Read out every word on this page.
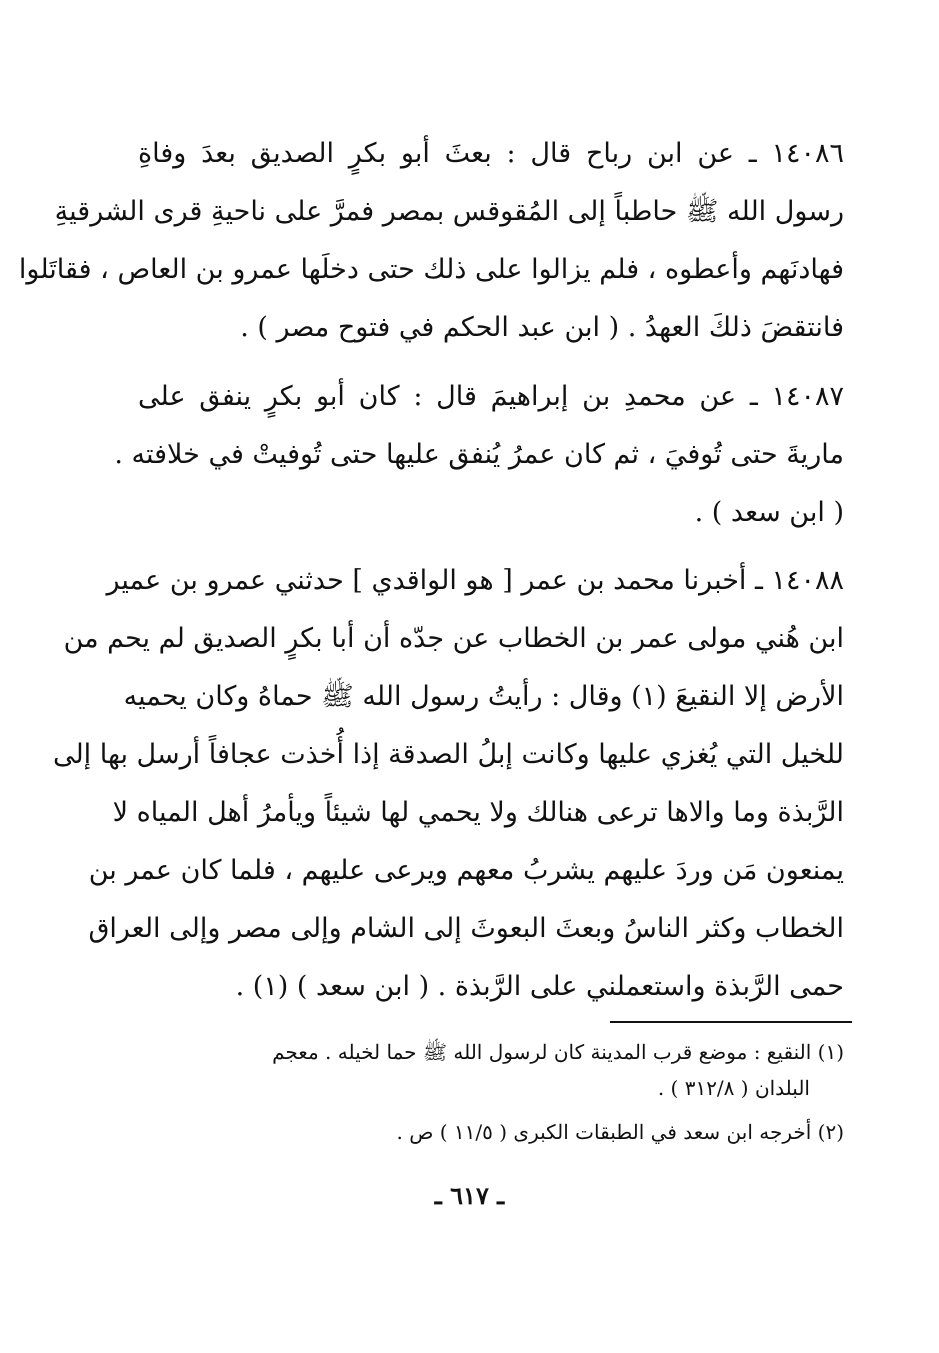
١٤٠٨٦ ـ عن ابن رباح قال : بعثَ أبو بكرٍ الصديق بعدَ وفاةِ
رسول الله ﷺ حاطباً إلى المُقوقس بمصر فمرَّ على ناحيةِ قرى الشرقيةِ
فهادنَهم وأعطوه ، فلم يزالوا على ذلك حتى دخلَها عمرو بن العاص ، فقاتَلوا
فانتقضَ ذلكَ العهدُ . ( ابن عبد الحكم في فتوح مصر ) .
١٤٠٨٧ ـ عن محمدِ بن إبراهيمَ قال : كان أبو بكرٍ ينفق على
ماريةَ حتى تُوفيَ ، ثم كان عمرُ يُنفق عليها حتى تُوفيتْ في خلافته .
( ابن سعد ) .
١٤٠٨٨ ـ أخبرنا محمد بن عمر [ هو الواقدي ] حدثني عمرو بن عمير
ابن هُني مولى عمر بن الخطاب عن جدّه أن أبا بكرٍ الصديق لم يحم من
الأرض إلا النقيعَ (١) وقال : رأيتُ رسول الله ﷺ حماهُ وكان يحميه
للخيل التي يُغزي عليها وكانت إبلُ الصدقة إذا أُخذت عجافاً أرسل بها إلى
الرَّبذة وما والاها ترعى هنالك ولا يحمي لها شيئاً ويأمرُ أهل المياه لا
يمنعون مَن وردَ عليهم يشربُ معهم ويرعى عليهم ، فلما كان عمر بن
الخطاب وكثر الناسُ وبعثَ البعوثَ إلى الشام وإلى مصر وإلى العراق
حمى الرَّبذة واستعملني على الرَّبذة . ( ابن سعد ) (١) .
(١) النقيع : موضع قرب المدينة كان لرسول الله ﷺ حما لخيله . معجم
البلدان ( ٣١٢/٨ ) .
(٢) أخرجه ابن سعد في الطبقات الكبرى ( ١١/٥ ) ص .
ـ ٦١٧ ـ
